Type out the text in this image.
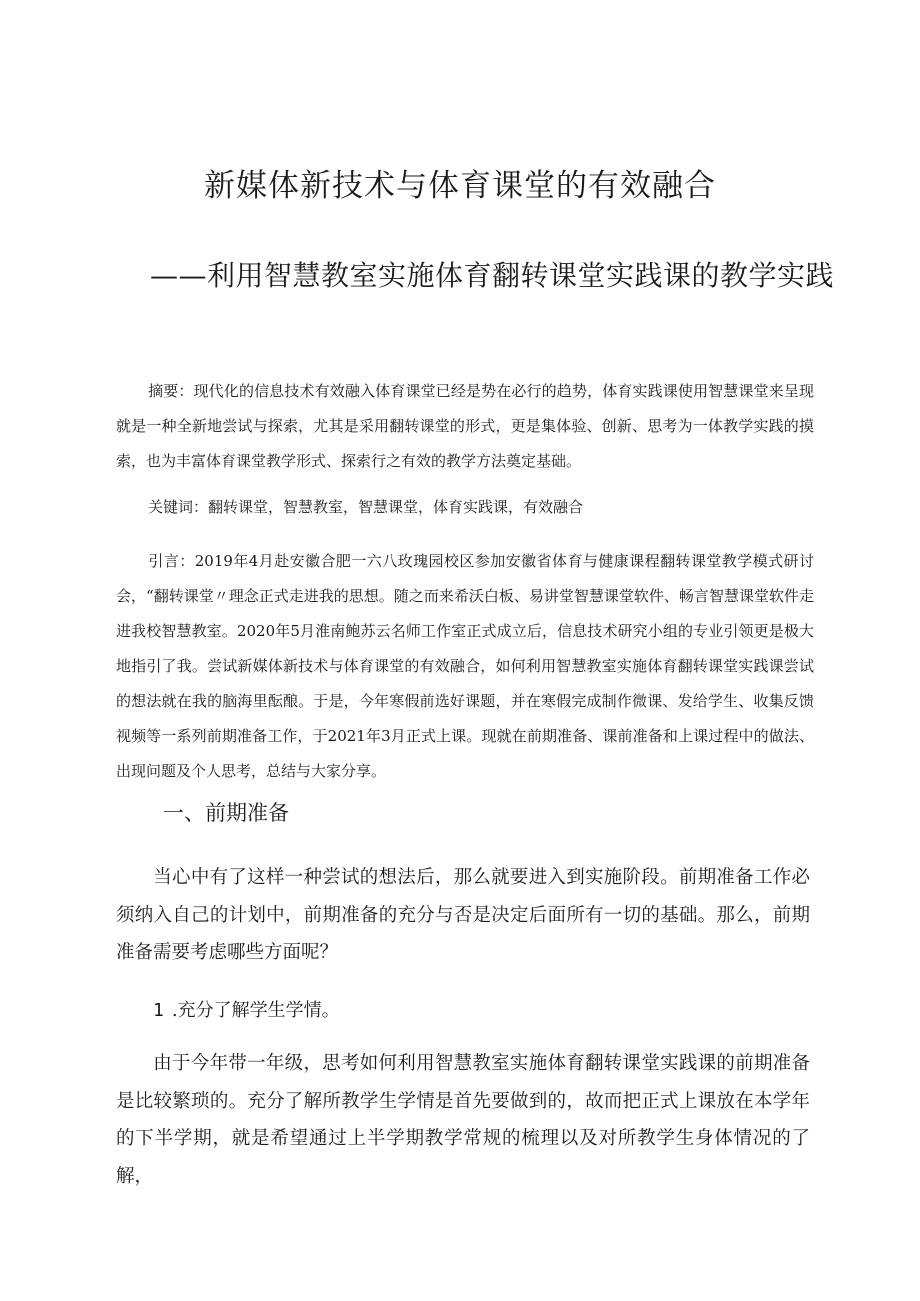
新媒体新技术与体育课堂的有效融合
——利用智慧教室实施体育翻转课堂实践课的教学实践

摘要：现代化的信息技术有效融入体育课堂已经是势在必行的趋势，体育实践课使用智慧课堂来呈现就是一种全新地尝试与探索，尤其是采用翻转课堂的形式，更是集体验、创新、思考为一体教学实践的摸索，也为丰富体育课堂教学形式、探索行之有效的教学方法奠定基础。

关键词：翻转课堂，智慧教室，智慧课堂，体育实践课，有效融合

引言：2019年4月赴安徽合肥一六八玫瑰园校区参加安徽省体育与健康课程翻转课堂教学模式研讨会，“翻转课堂〃理念正式走进我的思想。随之而来希沃白板、易讲堂智慧课堂软件、畅言智慧课堂软件走进我校智慧教室。2020年5月淮南鲍苏云名师工作室正式成立后，信息技术研究小组的专业引领更是极大地指引了我。尝试新媒体新技术与体育课堂的有效融合，如何利用智慧教室实施体育翻转课堂实践课尝试的想法就在我的脑海里酝酿。于是，今年寒假前选好课题，并在寒假完成制作微课、发给学生、收集反馈视频等一系列前期准备工作，于2021年3月正式上课。现就在前期准备、课前准备和上课过程中的做法、出现问题及个人思考，总结与大家分享。

一、前期准备

当心中有了这样一种尝试的想法后，那么就要进入到实施阶段。前期准备工作必须纳入自己的计划中，前期准备的充分与否是决定后面所有一切的基础。那么，前期准备需要考虑哪些方面呢？

1 .充分了解学生学情。

由于今年带一年级，思考如何利用智慧教室实施体育翻转课堂实践课的前期准备是比较繁琐的。充分了解所教学生学情是首先要做到的，故而把正式上课放在本学年的下半学期，就是希望通过上半学期教学常规的梳理以及对所教学生身体情况的了解，
